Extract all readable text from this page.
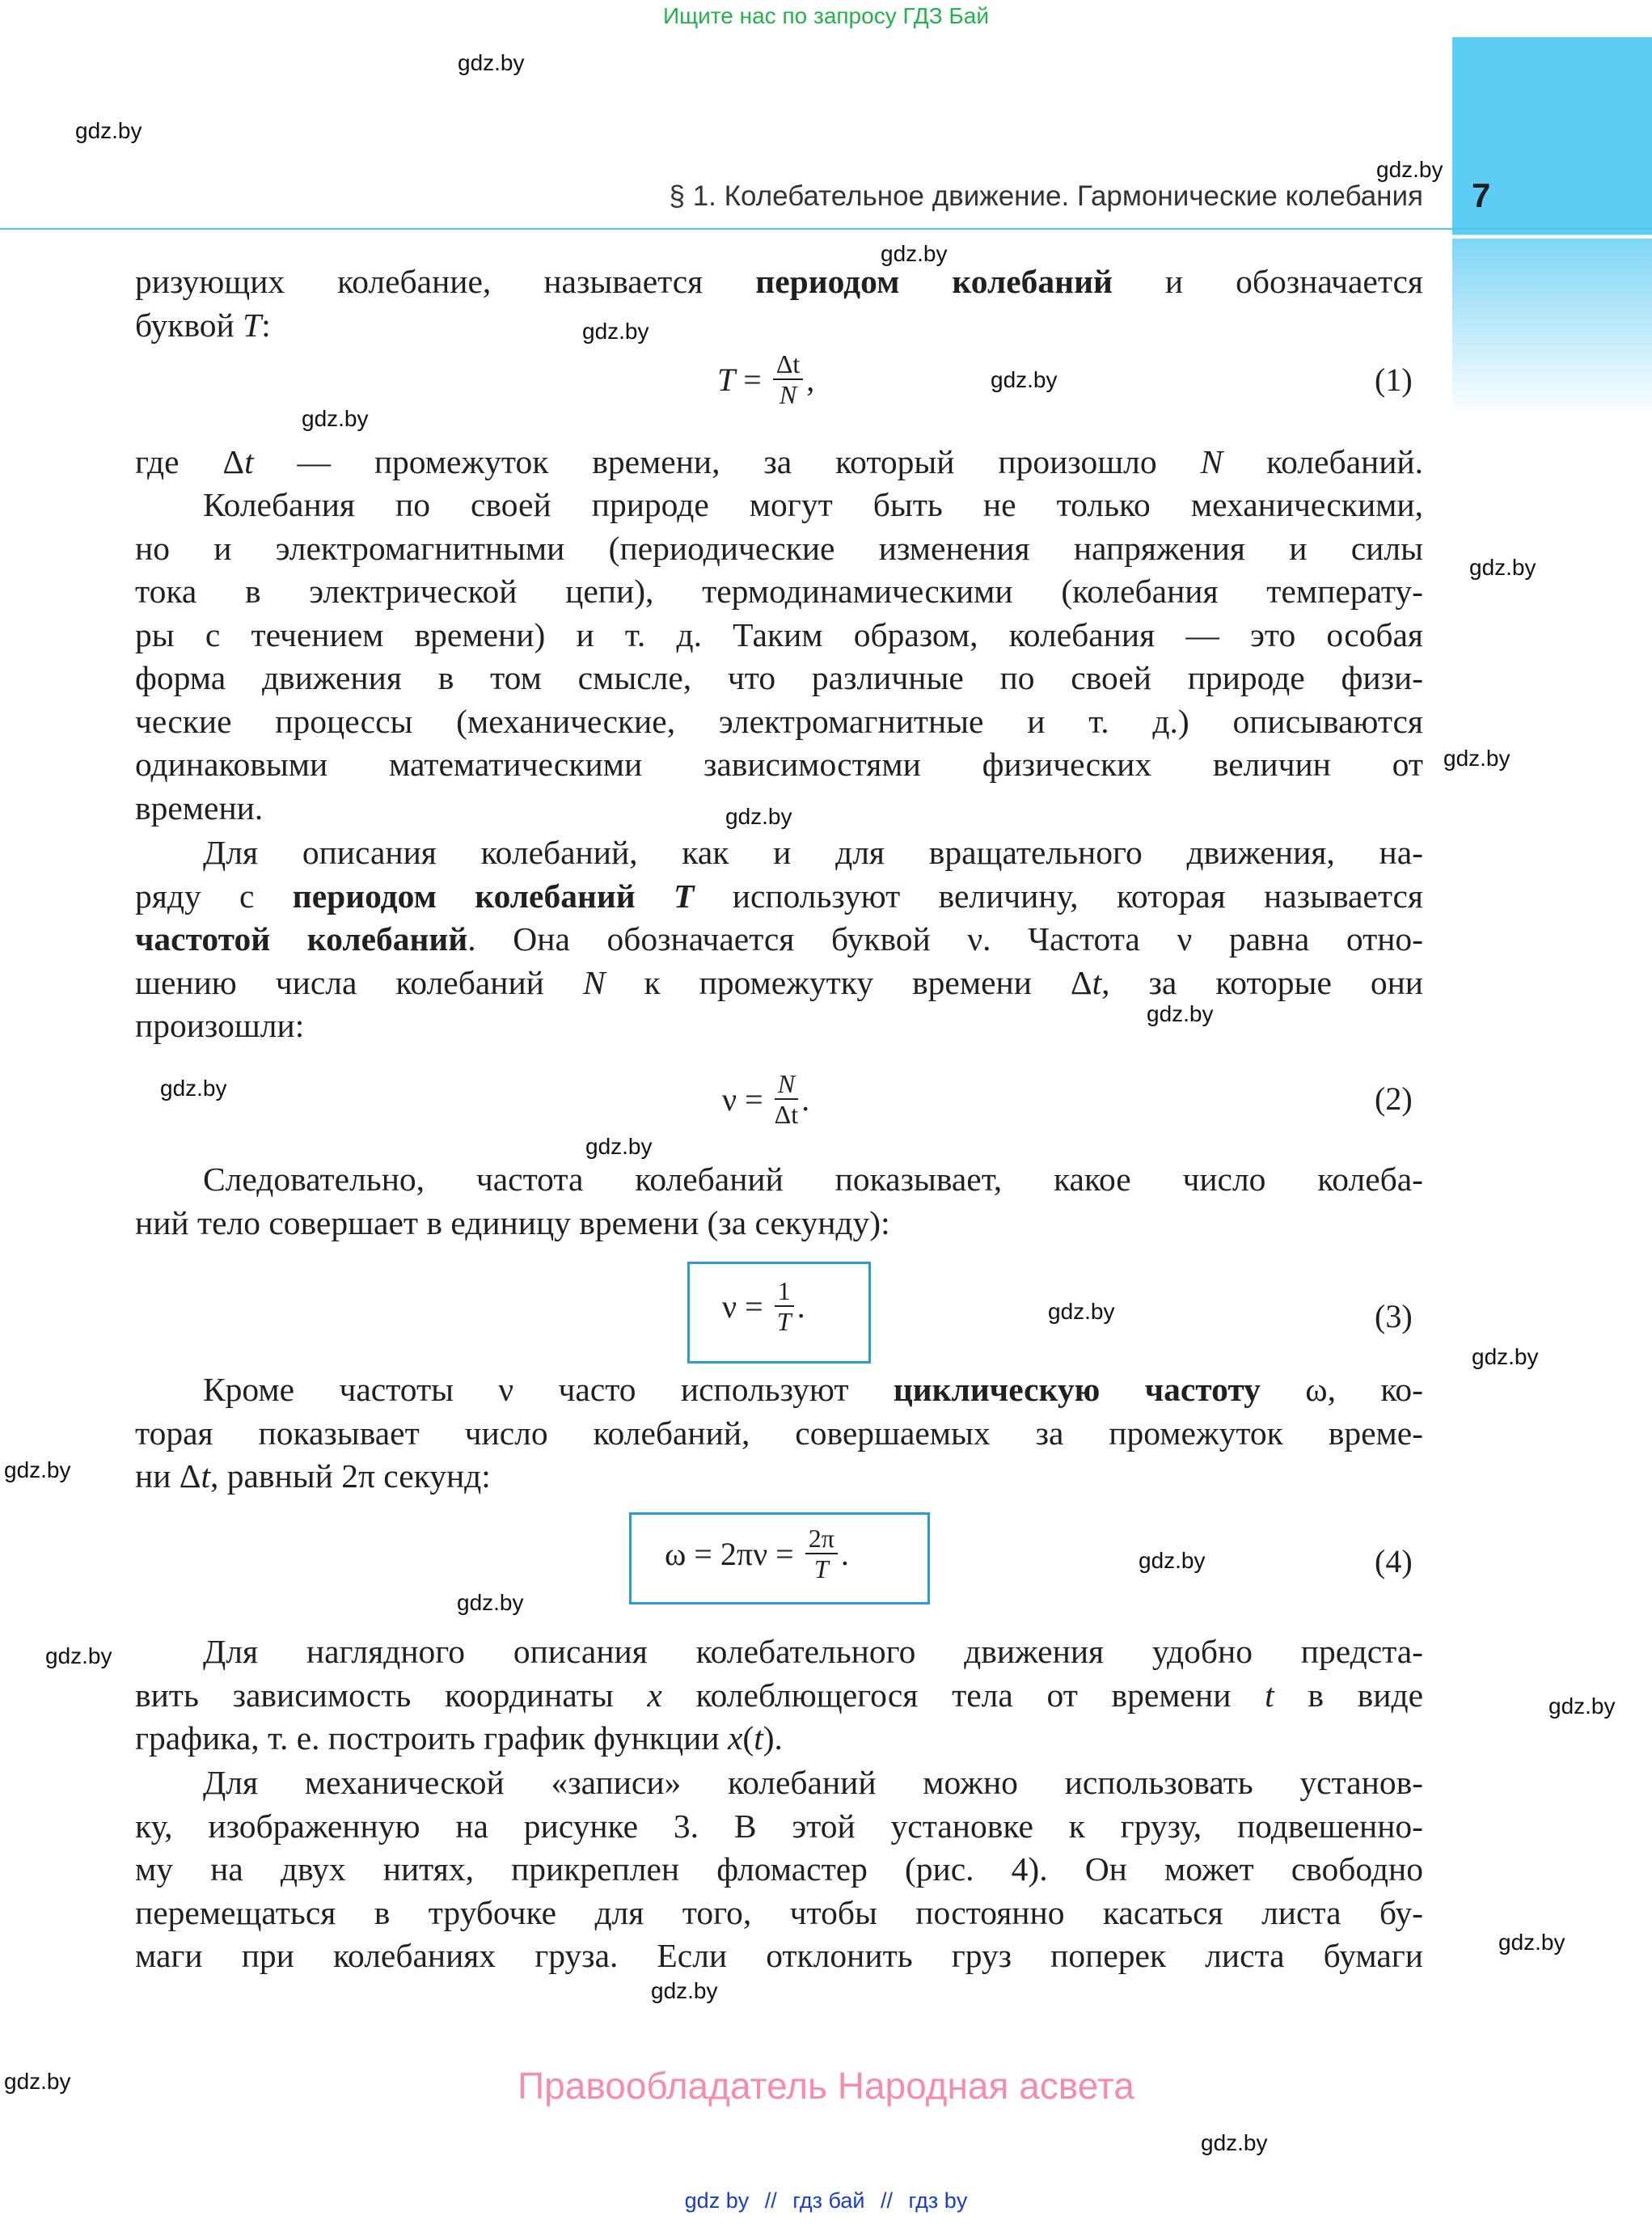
Ищите нас по запросу ГДЗ Бай
§ 1. Колебательное движение. Гармонические колебания 7
ризующих колебание, называется периодом колебаний и обозначается
буквой T:
$T = \frac{\Delta t}{N}$ ,	(1)
где Δt — промежуток времени, за который произошло N колебаний.
Колебания по своей природе могут быть не только механическими,
но и электромагнитными (периодические изменения напряжения и силы
тока в электрической цепи), термодинамическими (колебания температу-
ры с течением времени) и т. д. Таким образом, колебания — это особая
форма движения в том смысле, что различные по своей природе физи-
ческие процессы (механические, электромагнитные и т. д.) описываются
одинаковыми математическими зависимостями физических величин от
времени.
Для описания колебаний, как и для вращательного движения, на-
ряду с периодом колебаний T используют величину, которая называется
частотой колебаний. Она обозначается буквой ν. Частота ν равна отно-
шению числа колебаний N к промежутку времени Δt, за которые они
произошли:
$\nu = \frac{N}{\Delta t}$ .	(2)
Следовательно, частота колебаний показывает, какое число колеба-
ний тело совершает в единицу времени (за секунду):
$\nu = \frac{1}{T}$ .	(3)
Кроме частоты ν часто используют циклическую частоту ω, ко-
торая показывает число колебаний, совершаемых за промежуток време-
ни Δt, равный 2π секунд:
$\omega = 2\pi\nu = \frac{2\pi}{T}$ .	(4)
Для наглядного описания колебательного движения удобно предста-
вить зависимость координаты x колеблющегося тела от времени t в виде
графика, т. е. построить график функции x(t).
Для механической «записи» колебаний можно использовать установ-
ку, изображенную на рисунке 3. В этой установке к грузу, подвешенно-
му на двух нитях, прикреплен фломастер (рис. 4). Он может свободно
перемещаться в трубочке для того, чтобы постоянно касаться листа бу-
маги при колебаниях груза. Если отклонить груз поперек листа бумаги
gdz.by
gdz.by
gdz.by
gdz.by
gdz.by
gdz.by
gdz.by
gdz.by
gdz.by
gdz.by
gdz.by
gdz.by
gdz.by
gdz.by
gdz.by
gdz.by
gdz.by
gdz.by
gdz.by
gdz.by
gdz.by
gdz.by
gdz.by
gdz.by
Правообладатель Народная асвета
gdz by // гдз бай // гдз by
